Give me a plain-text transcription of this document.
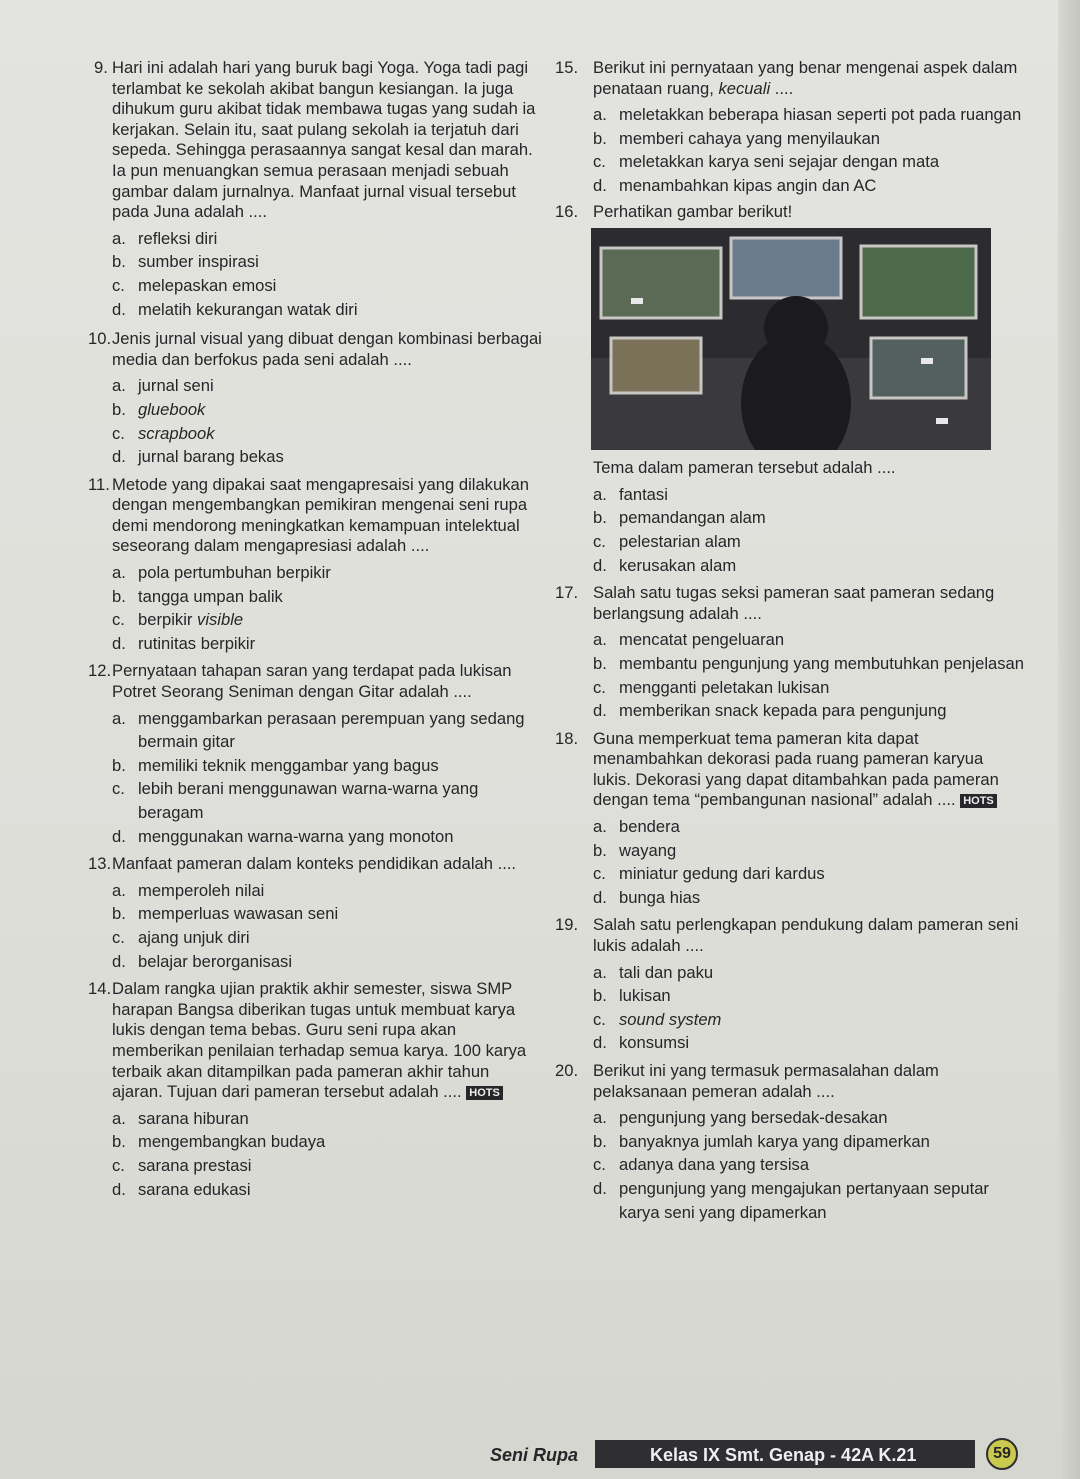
9. Hari ini adalah hari yang buruk bagi Yoga. Yoga tadi pagi terlambat ke sekolah akibat bangun kesiangan. Ia juga dihukum guru akibat tidak membawa tugas yang sudah ia kerjakan. Selain itu, saat pulang sekolah ia terjatuh dari sepeda. Sehingga perasaannya sangat kesal dan marah. Ia pun menuangkan semua perasaan menjadi sebuah gambar dalam jurnalnya. Manfaat jurnal visual tersebut pada Juna adalah ....
a. refleksi diri
b. sumber inspirasi
c. melepaskan emosi
d. melatih kekurangan watak diri
10. Jenis jurnal visual yang dibuat dengan kombinasi berbagai media dan berfokus pada seni adalah ....
a. jurnal seni
b. gluebook
c. scrapbook
d. jurnal barang bekas
11. Metode yang dipakai saat mengapresaisi yang dilakukan dengan mengembangkan pemikiran mengenai seni rupa demi mendorong meningkatkan kemampuan intelektual seseorang dalam mengapresiasi adalah ....
a. pola pertumbuhan berpikir
b. tangga umpan balik
c. berpikir visible
d. rutinitas berpikir
12. Pernyataan tahapan saran yang terdapat pada lukisan Potret Seorang Seniman dengan Gitar adalah ....
a. menggambarkan perasaan perempuan yang sedang bermain gitar
b. memiliki teknik menggambar yang bagus
c. lebih berani menggunawan warna-warna yang beragam
d. menggunakan warna-warna yang monoton
13. Manfaat pameran dalam konteks pendidikan adalah ....
a. memperoleh nilai
b. memperluas wawasan seni
c. ajang unjuk diri
d. belajar berorganisasi
14. Dalam rangka ujian praktik akhir semester, siswa SMP harapan Bangsa diberikan tugas untuk membuat karya lukis dengan tema bebas. Guru seni rupa akan memberikan penilaian terhadap semua karya. 100 karya terbaik akan ditampilkan pada pameran akhir tahun ajaran. Tujuan dari pameran tersebut adalah .... HOTS
a. sarana hiburan
b. mengembangkan budaya
c. sarana prestasi
d. sarana edukasi
15. Berikut ini pernyataan yang benar mengenai aspek dalam penataan ruang, kecuali ....
a. meletakkan beberapa hiasan seperti pot pada ruangan
b. memberi cahaya yang menyilaukan
c. meletakkan karya seni sejajar dengan mata
d. menambahkan kipas angin dan AC
16. Perhatikan gambar berikut!
Tema dalam pameran tersebut adalah ....
a. fantasi
b. pemandangan alam
c. pelestarian alam
d. kerusakan alam
17. Salah satu tugas seksi pameran saat pameran sedang berlangsung adalah ....
a. mencatat pengeluaran
b. membantu pengunjung yang membutuhkan penjelasan
c. mengganti peletakan lukisan
d. memberikan snack kepada para pengunjung
18. Guna memperkuat tema pameran kita dapat menambahkan dekorasi pada ruang pameran karyua lukis. Dekorasi yang dapat ditambahkan pada pameran dengan tema “pembangunan nasional” adalah .... HOTS
a. bendera
b. wayang
c. miniatur gedung dari kardus
d. bunga hias
19. Salah satu perlengkapan pendukung dalam pameran seni lukis adalah ....
a. tali dan paku
b. lukisan
c. sound system
d. konsumsi
20. Berikut ini yang termasuk permasalahan dalam pelaksanaan pemeran adalah ....
a. pengunjung yang bersedak-desakan
b. banyaknya jumlah karya yang dipamerkan
c. adanya dana yang tersisa
d. pengunjung yang mengajukan pertanyaan seputar karya seni yang dipamerkan
Seni Rupa	Kelas IX Smt. Genap - 42A K.21	59
